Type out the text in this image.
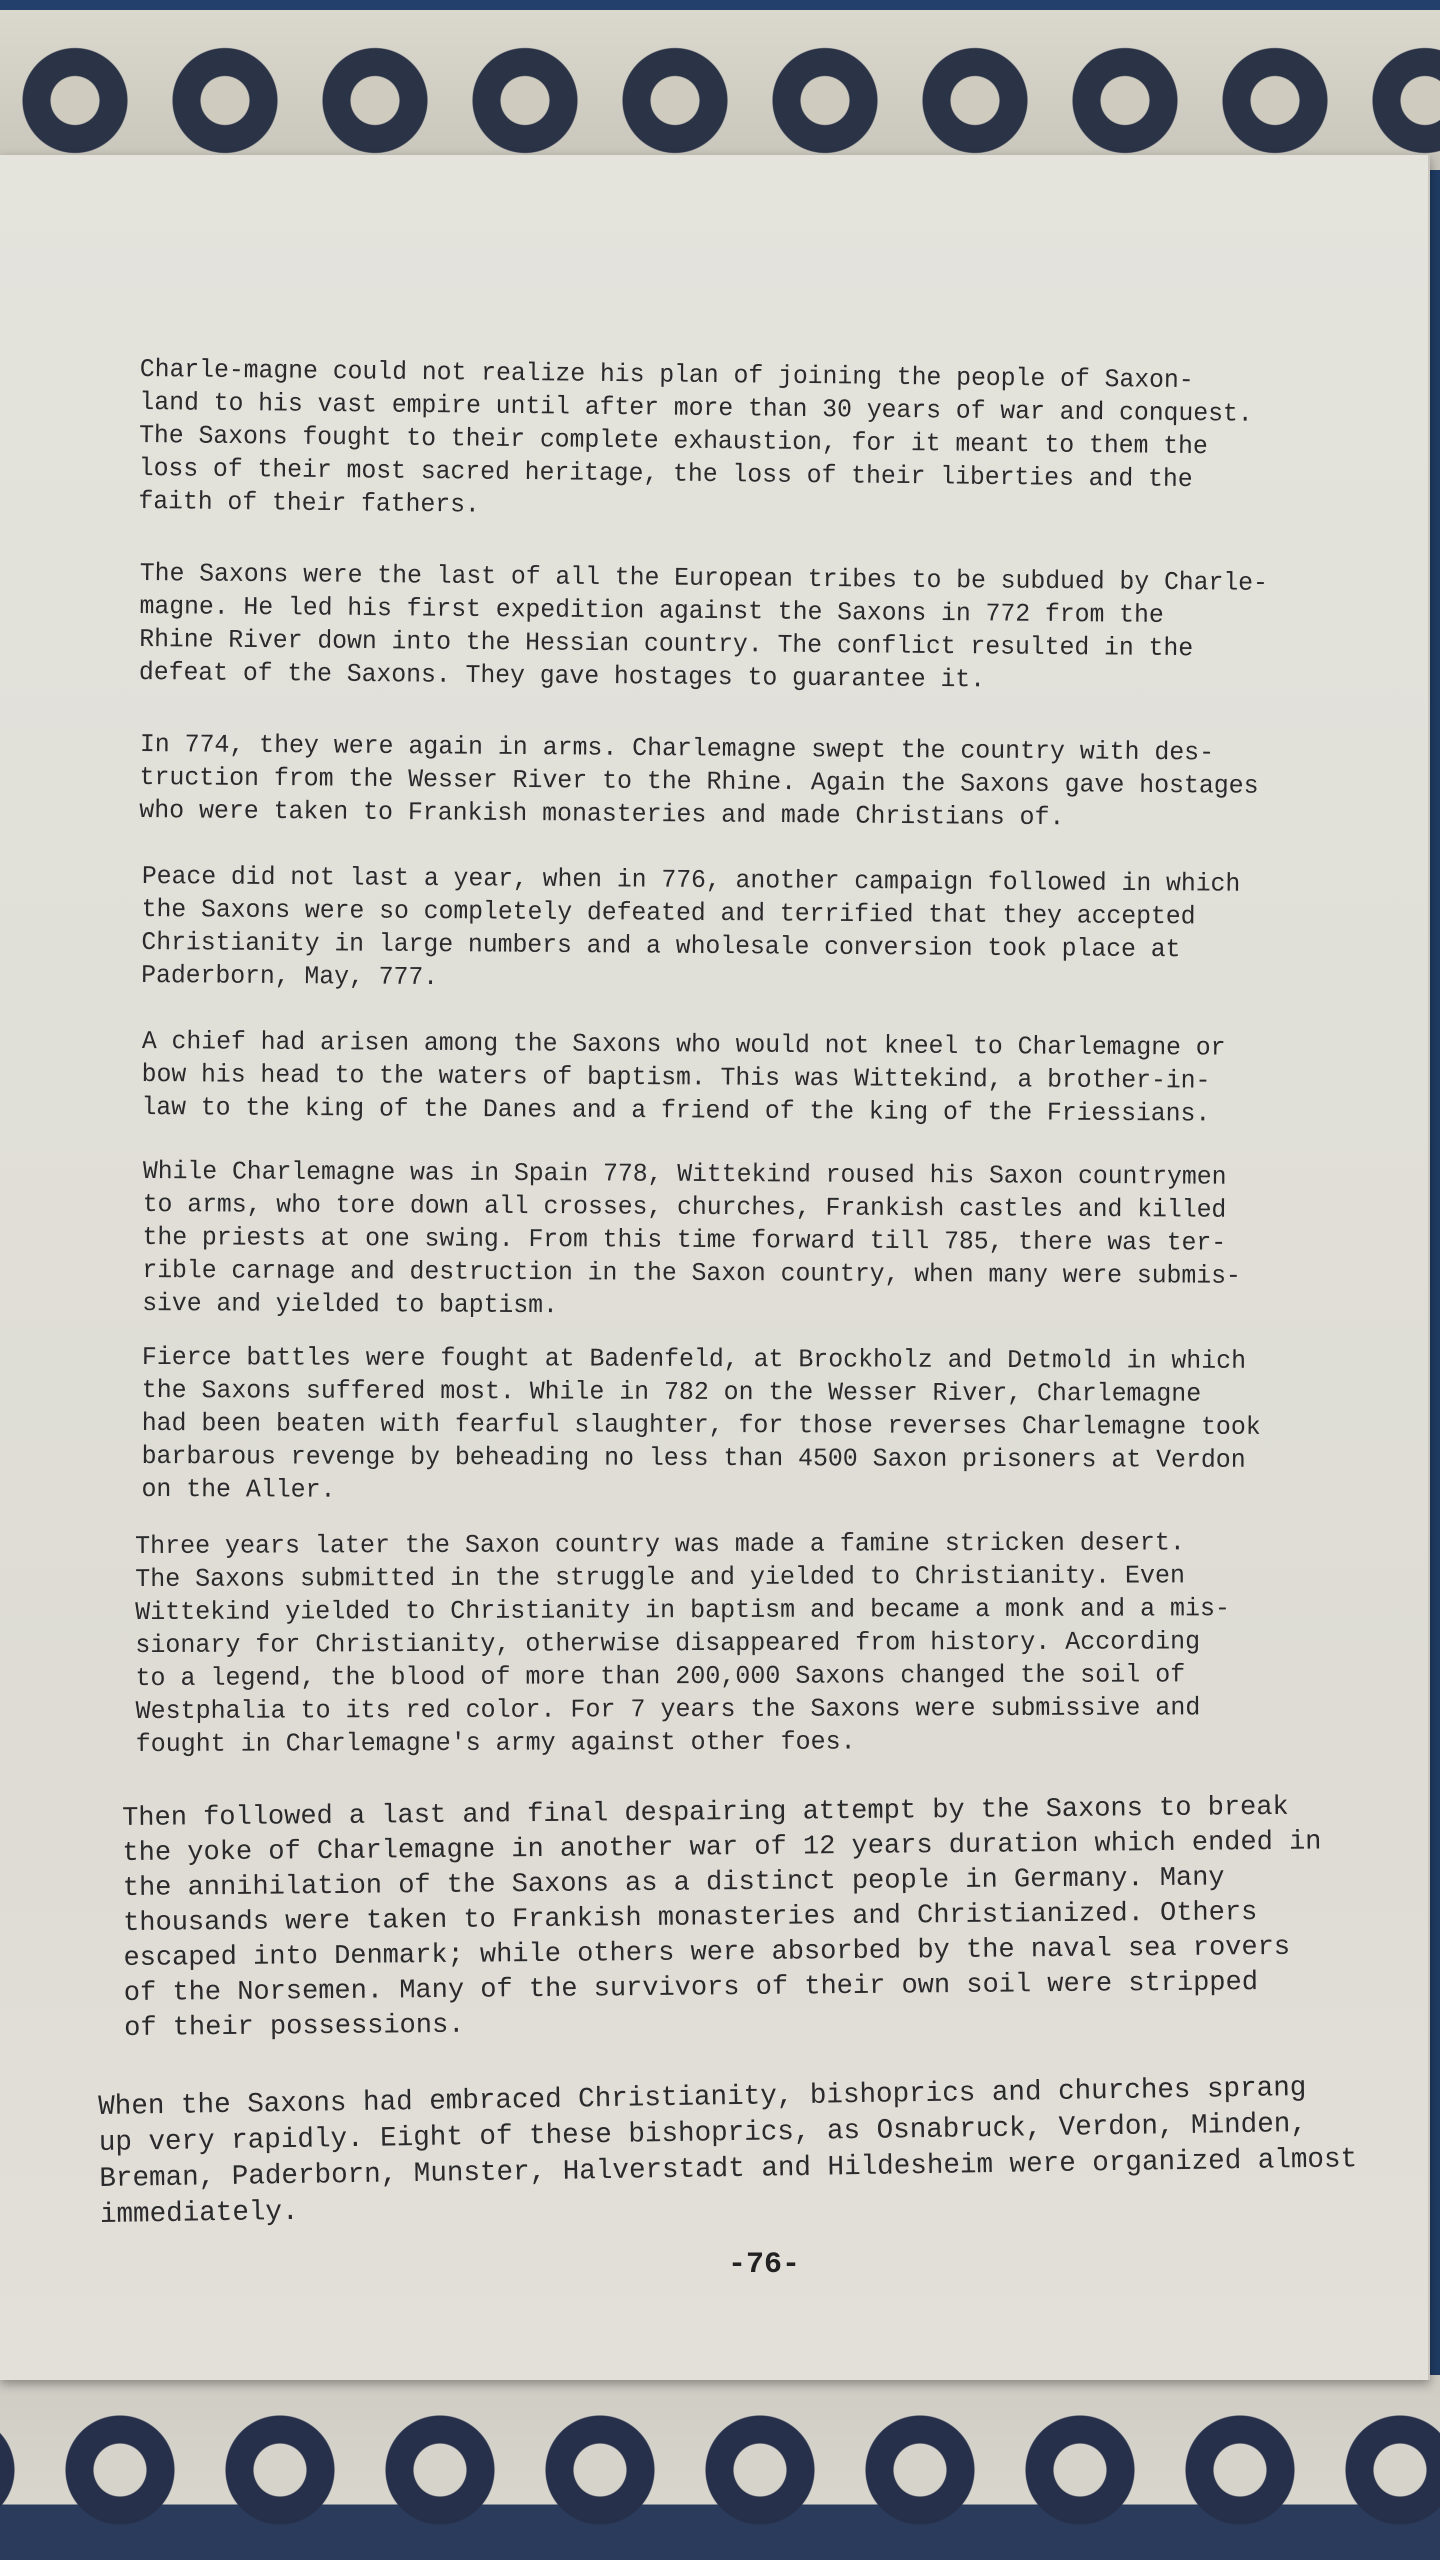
Charle-magne could not realize his plan of joining the people of Saxon-
land to his vast empire until after more than 30 years of war and conquest.
The Saxons fought to their complete exhaustion, for it meant to them the
loss of their most sacred heritage, the loss of their liberties and the
faith of their fathers.

The Saxons were the last of all the European tribes to be subdued by Charle-
magne. He led his first expedition against the Saxons in 772 from the
Rhine River down into the Hessian country. The conflict resulted in the
defeat of the Saxons. They gave hostages to guarantee it.

In 774, they were again in arms. Charlemagne swept the country with des-
truction from the Wesser River to the Rhine. Again the Saxons gave hostages
who were taken to Frankish monasteries and made Christians of.

Peace did not last a year, when in 776, another campaign followed in which
the Saxons were so completely defeated and terrified that they accepted
Christianity in large numbers and a wholesale conversion took place at
Paderborn, May, 777.

A chief had arisen among the Saxons who would not kneel to Charlemagne or
bow his head to the waters of baptism. This was Wittekind, a brother-in-
law to the king of the Danes and a friend of the king of the Friessians.

While Charlemagne was in Spain 778, Wittekind roused his Saxon countrymen
to arms, who tore down all crosses, churches, Frankish castles and killed
the priests at one swing. From this time forward till 785, there was ter-
rible carnage and destruction in the Saxon country, when many were submis-
sive and yielded to baptism.

Fierce battles were fought at Badenfeld, at Brockholz and Detmold in which
the Saxons suffered most. While in 782 on the Wesser River, Charlemagne
had been beaten with fearful slaughter, for those reverses Charlemagne took
barbarous revenge by beheading no less than 4500 Saxon prisoners at Verdon
on the Aller.

Three years later the Saxon country was made a famine stricken desert.
The Saxons submitted in the struggle and yielded to Christianity. Even
Wittekind yielded to Christianity in baptism and became a monk and a mis-
sionary for Christianity, otherwise disappeared from history. According
to a legend, the blood of more than 200,000 Saxons changed the soil of
Westphalia to its red color. For 7 years the Saxons were submissive and
fought in Charlemagne's army against other foes.

Then followed a last and final despairing attempt by the Saxons to break
the yoke of Charlemagne in another war of 12 years duration which ended in
the annihilation of the Saxons as a distinct people in Germany. Many
thousands were taken to Frankish monasteries and Christianized. Others
escaped into Denmark; while others were absorbed by the naval sea rovers
of the Norsemen. Many of the survivors of their own soil were stripped
of their possessions.

When the Saxons had embraced Christianity, bishoprics and churches sprang
up very rapidly. Eight of these bishoprics, as Osnabruck, Verdon, Minden,
Breman, Paderborn, Munster, Halverstadt and Hildesheim were organized almost
immediately.

-76-
